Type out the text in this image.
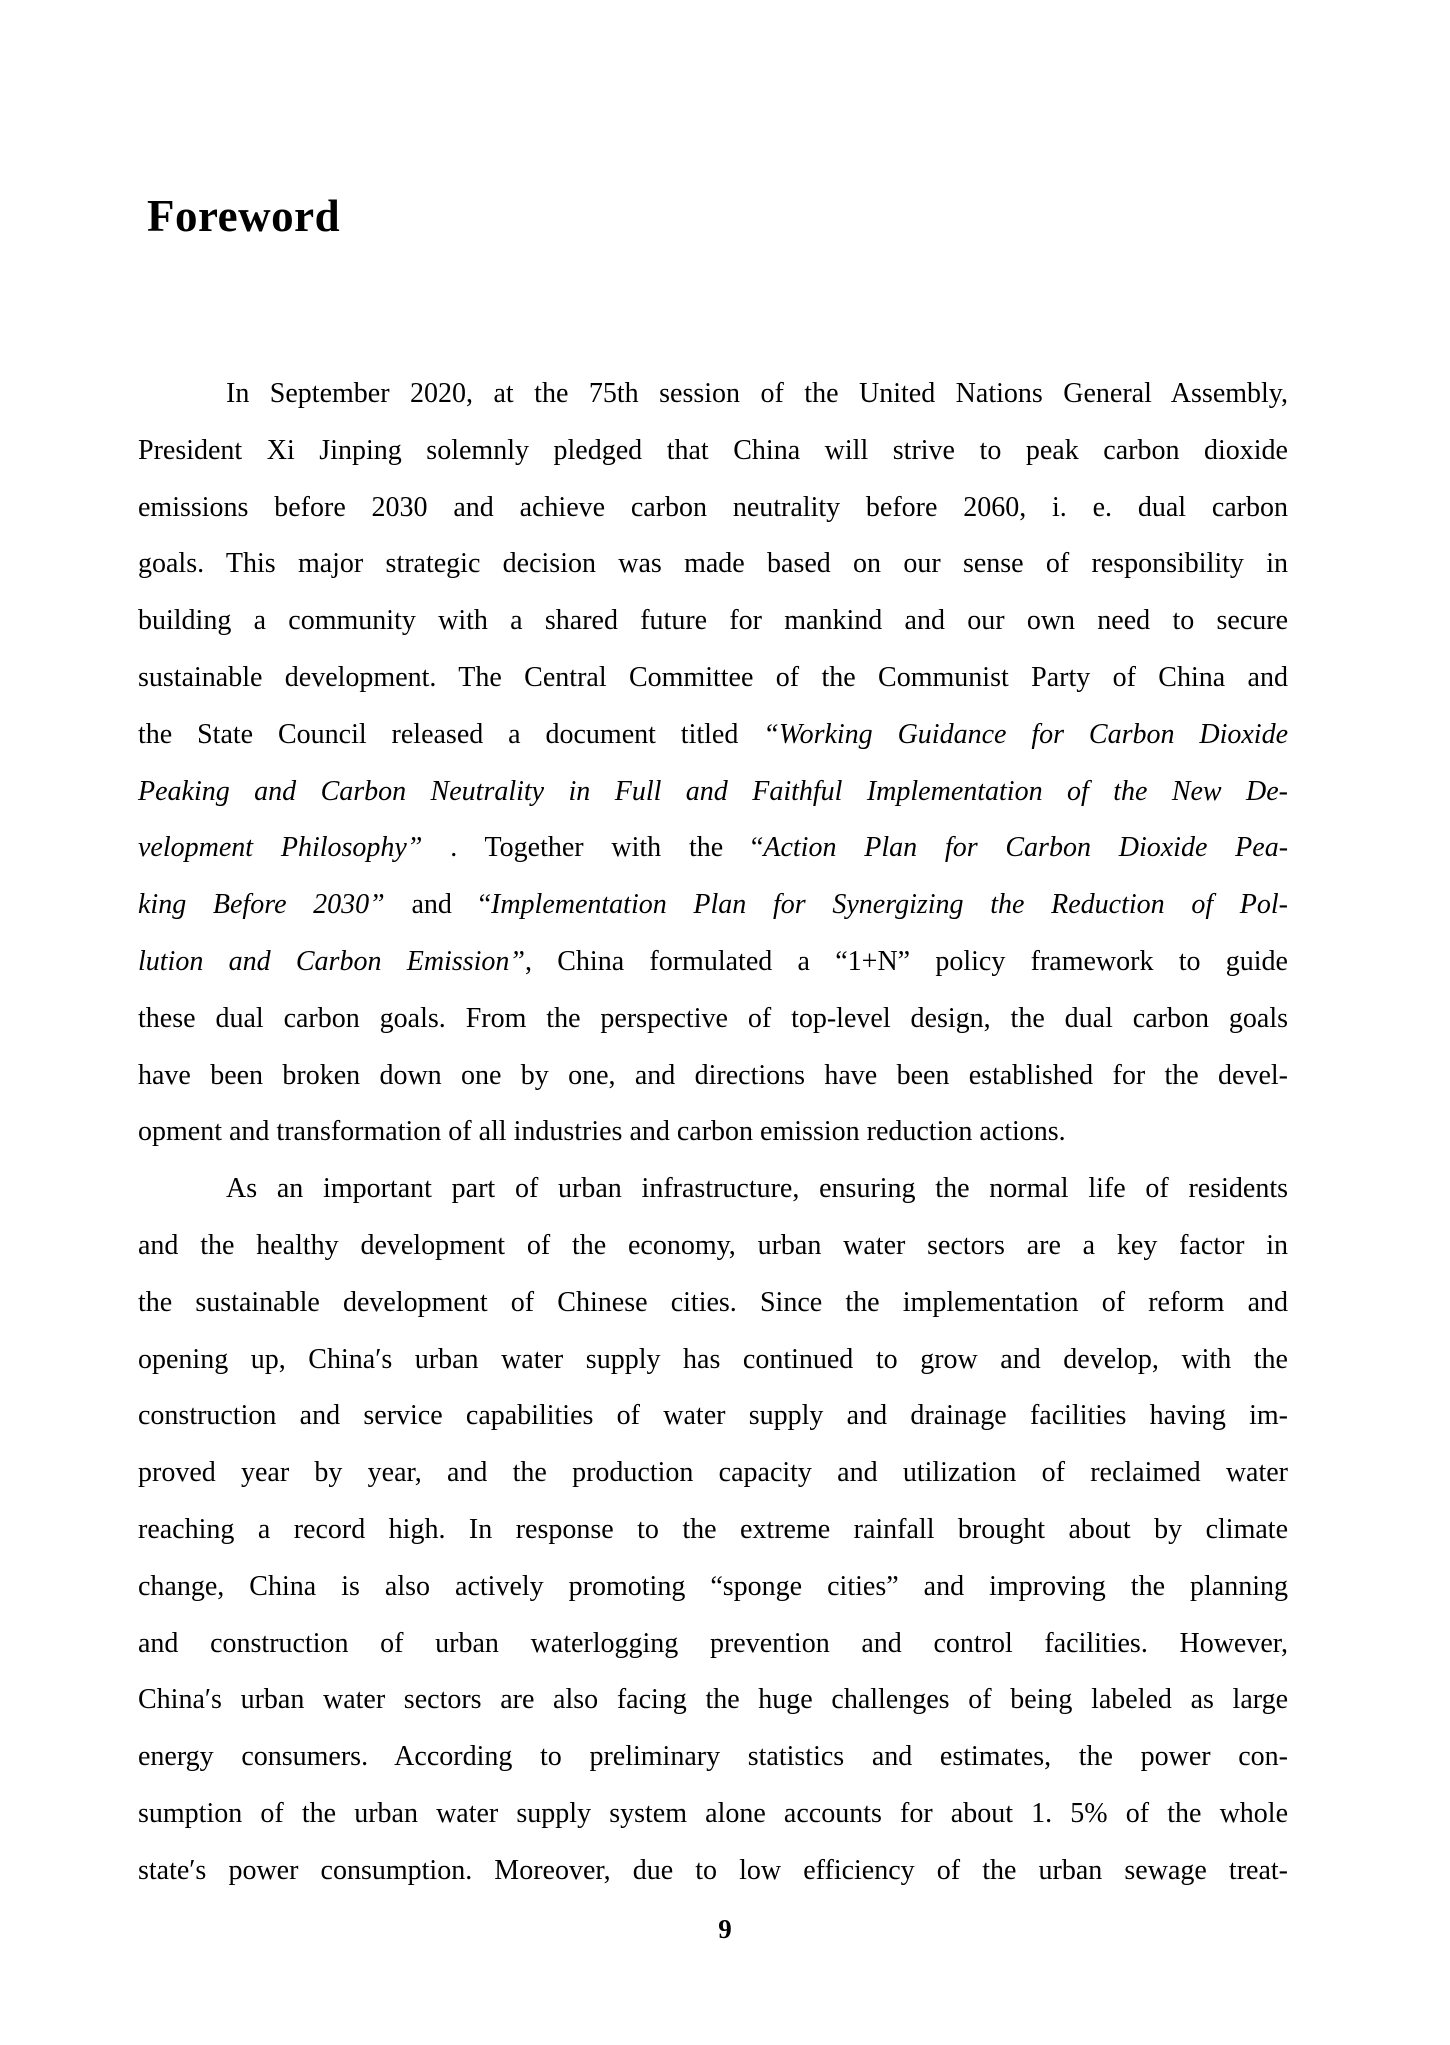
Foreword
In September 2020, at the 75th session of the United Nations General Assembly,
President Xi Jinping solemnly pledged that China will strive to peak carbon dioxide
emissions before 2030 and achieve carbon neutrality before 2060, i. e. dual carbon
goals. This major strategic decision was made based on our sense of responsibility in
building a community with a shared future for mankind and our own need to secure
sustainable development. The Central Committee of the Communist Party of China and
the State Council released a document titled “Working Guidance for Carbon Dioxide
Peaking and Carbon Neutrality in Full and Faithful Implementation of the New De-
velopment Philosophy” . Together with the “Action Plan for Carbon Dioxide Pea-
king Before 2030” and “Implementation Plan for Synergizing the Reduction of Pol-
lution and Carbon Emission”, China formulated a “1+N” policy framework to guide
these dual carbon goals. From the perspective of top-level design, the dual carbon goals
have been broken down one by one, and directions have been established for the devel-
opment and transformation of all industries and carbon emission reduction actions.
As an important part of urban infrastructure, ensuring the normal life of residents
and the healthy development of the economy, urban water sectors are a key factor in
the sustainable development of Chinese cities. Since the implementation of reform and
opening up, China′s urban water supply has continued to grow and develop, with the
construction and service capabilities of water supply and drainage facilities having im-
proved year by year, and the production capacity and utilization of reclaimed water
reaching a record high. In response to the extreme rainfall brought about by climate
change, China is also actively promoting “sponge cities” and improving the planning
and construction of urban waterlogging prevention and control facilities. However,
China′s urban water sectors are also facing the huge challenges of being labeled as large
energy consumers. According to preliminary statistics and estimates, the power con-
sumption of the urban water supply system alone accounts for about 1. 5% of the whole
state′s power consumption. Moreover, due to low efficiency of the urban sewage treat-
9
